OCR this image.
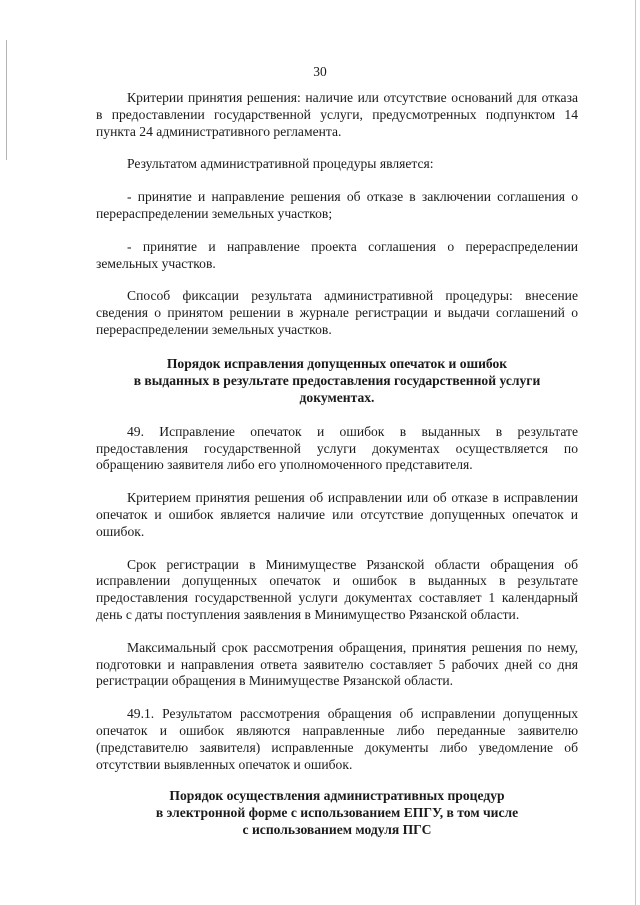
30

Критерии принятия решения: наличие или отсутствие оснований для отказа в предоставлении государственной услуги, предусмотренных подпунктом 14 пункта 24 административного регламента.

Результатом административной процедуры является:

- принятие и направление решения об отказе в заключении соглашения о перераспределении земельных участков;

- принятие и направление проекта соглашения о перераспределении земельных участков.

Способ фиксации результата административной процедуры: внесение сведения о принятом решении в журнале регистрации и выдачи соглашений о перераспределении земельных участков.

Порядок исправления допущенных опечаток и ошибок
в выданных в результате предоставления государственной услуги
документах.

49. Исправление опечаток и ошибок в выданных в результате предоставления государственной услуги документах осуществляется по обращению заявителя либо его уполномоченного представителя.

Критерием принятия решения об исправлении или об отказе в исправлении опечаток и ошибок является наличие или отсутствие допущенных опечаток и ошибок.

Срок регистрации в Минимуществе Рязанской области обращения об исправлении допущенных опечаток и ошибок в выданных в результате предоставления государственной услуги документах составляет 1 календарный день с даты поступления заявления в Минимущество Рязанской области.

Максимальный срок рассмотрения обращения, принятия решения по нему, подготовки и направления ответа заявителю составляет 5 рабочих дней со дня регистрации обращения в Минимуществе Рязанской области.

49.1. Результатом рассмотрения обращения об исправлении допущенных опечаток и ошибок являются направленные либо переданные заявителю (представителю заявителя) исправленные документы либо уведомление об отсутствии выявленных опечаток и ошибок.

Порядок осуществления административных процедур
в электронной форме с использованием ЕПГУ, в том числе
с использованием модуля ПГС
